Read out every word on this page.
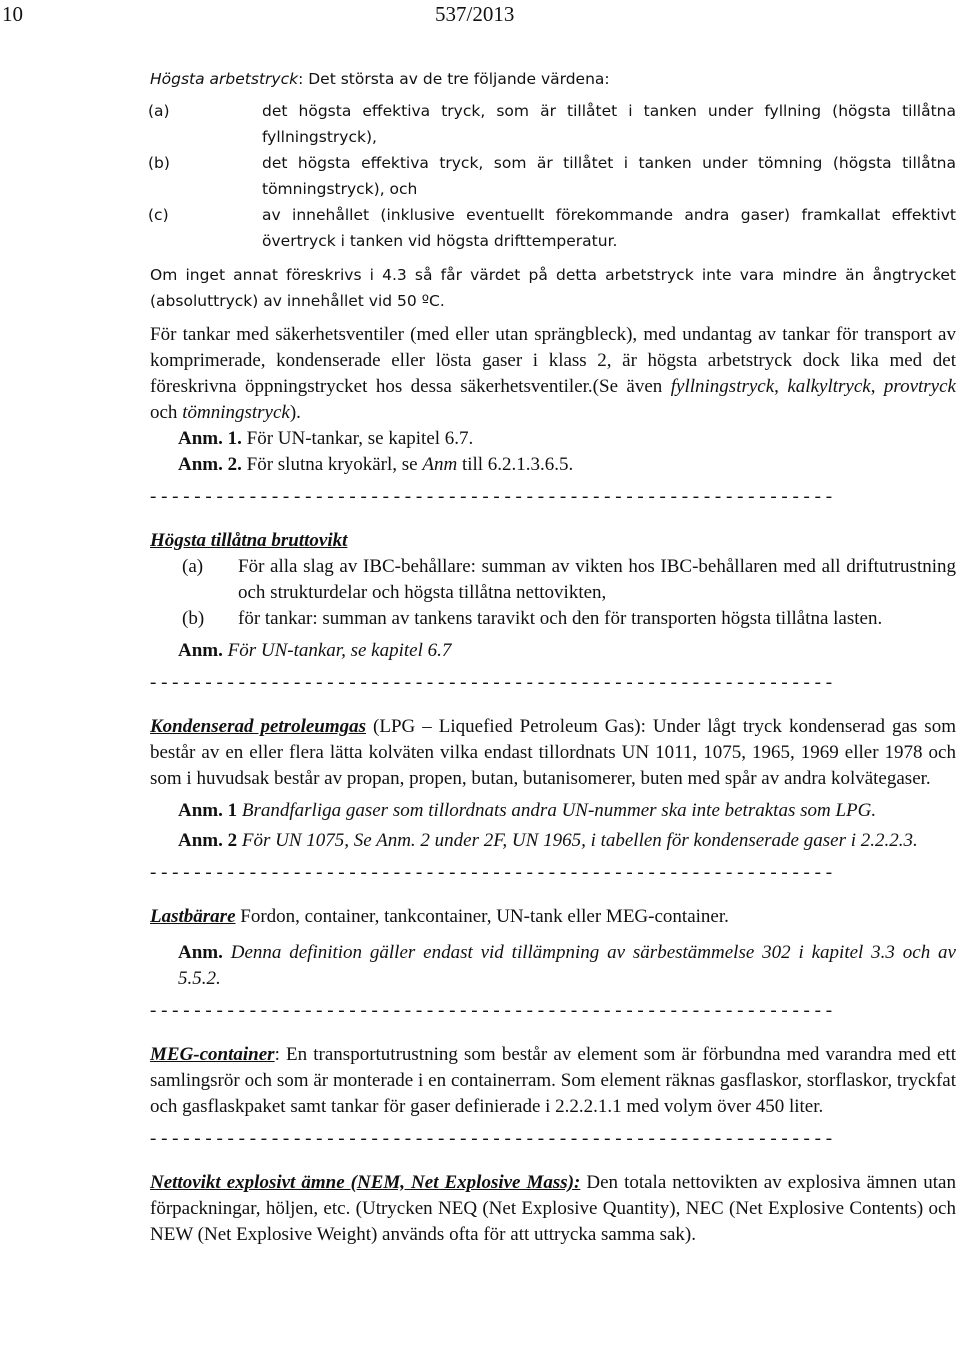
10	537/2013

Högsta arbetstryck: Det största av de tre följande värdena:

(a)	det högsta effektiva tryck, som är tillåtet i tanken under fyllning (högsta tillåtna fyllningstryck),
(b)	det högsta effektiva tryck, som är tillåtet i tanken under tömning (högsta tillåtna tömningstryck), och
(c)	av innehållet (inklusive eventuellt förekommande andra gaser) framkallat effektivt övertryck i tanken vid högsta drifttemperatur.

Om inget annat föreskrivs i 4.3 så får värdet på detta arbetstryck inte vara mindre än ångtrycket (absoluttryck) av innehållet vid 50 ºC.

För tankar med säkerhetsventiler (med eller utan sprängbleck), med undantag av tankar för transport av komprimerade, kondenserade eller lösta gaser i klass 2, är högsta arbetstryck dock lika med det föreskrivna öppningstrycket hos dessa säkerhetsventiler.(Se även fyllningstryck, kalkyltryck, provtryck och tömningstryck).

Anm. 1. För UN-tankar, se kapitel 6.7.

Anm. 2. För slutna kryokärl, se Anm till 6.2.1.3.6.5.

- - - - - - - - - - - - - - - - - - - - - - - - - - - - - - - - - - - - - - - - - - - - - - - - - - - - - - - - - - - - - -

Högsta tillåtna bruttovikt

(a)	För alla slag av IBC-behållare: summan av vikten hos IBC-behållaren med all driftutrustning och strukturdelar och högsta tillåtna nettovikten,
(b)	för tankar: summan av tankens taravikt och den för transporten högsta tillåtna lasten.

Anm. För UN-tankar, se kapitel 6.7

- - - - - - - - - - - - - - - - - - - - - - - - - - - - - - - - - - - - - - - - - - - - - - - - - - - - - - - - - - - - - -

Kondenserad petroleumgas (LPG – Liquefied Petroleum Gas): Under lågt tryck kondenserad gas som består av en eller flera lätta kolväten vilka endast tillordnats UN 1011, 1075, 1965, 1969 eller 1978 och som i huvudsak består av propan, propen, butan, butanisomerer, buten med spår av andra kolvätegaser.

Anm. 1 Brandfarliga gaser som tillordnats andra UN-nummer ska inte betraktas som LPG.

Anm. 2 För UN 1075, Se Anm. 2 under 2F, UN 1965, i tabellen för kondenserade gaser i 2.2.2.3.

- - - - - - - - - - - - - - - - - - - - - - - - - - - - - - - - - - - - - - - - - - - - - - - - - - - - - - - - - - - - - -

Lastbärare Fordon, container, tankcontainer, UN-tank eller MEG-container.

Anm. Denna definition gäller endast vid tillämpning av särbestämmelse 302 i kapitel 3.3 och av 5.5.2.

- - - - - - - - - - - - - - - - - - - - - - - - - - - - - - - - - - - - - - - - - - - - - - - - - - - - - - - - - - - - - -

MEG-container: En transportutrustning som består av element som är förbundna med varandra med ett samlingsrör och som är monterade i en containerram. Som element räknas gasflaskor, storflaskor, tryckfat och gasflaskpaket samt tankar för gaser definierade i 2.2.2.1.1 med volym över 450 liter.

- - - - - - - - - - - - - - - - - - - - - - - - - - - - - - - - - - - - - - - - - - - - - - - - - - - - - - - - - - - - - -

Nettovikt explosivt ämne (NEM, Net Explosive Mass): Den totala nettovikten av explosiva ämnen utan förpackningar, höljen, etc. (Utrycken NEQ (Net Explosive Quantity), NEC (Net Explosive Contents) och NEW (Net Explosive Weight) används ofta för att uttrycka samma sak).
